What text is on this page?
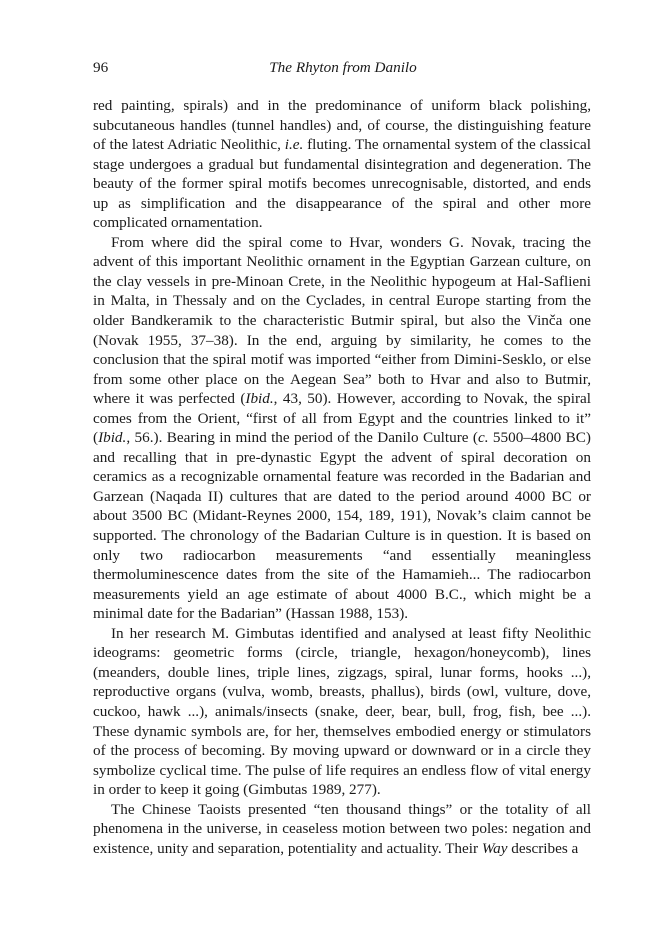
96	The Rhyton from Danilo

red painting, spirals) and in the predominance of uniform black polishing, subcutaneous handles (tunnel handles) and, of course, the distinguishing feature of the latest Adriatic Neolithic, i.e. fluting. The ornamental system of the classical stage undergoes a gradual but fundamental disintegration and degeneration. The beauty of the former spiral motifs becomes unrecognisable, distorted, and ends up as simplification and the disappearance of the spiral and other more complicated ornamentation.

From where did the spiral come to Hvar, wonders G. Novak, tracing the advent of this important Neolithic ornament in the Egyptian Garzean culture, on the clay vessels in pre-Minoan Crete, in the Neolithic hypogeum at Hal-Saflieni in Malta, in Thessaly and on the Cyclades, in central Europe starting from the older Bandkeramik to the characteristic Butmir spiral, but also the Vinča one (Novak 1955, 37–38). In the end, arguing by similarity, he comes to the conclusion that the spiral motif was imported “either from Dimini-Sesklo, or else from some other place on the Aegean Sea” both to Hvar and also to Butmir, where it was perfected (Ibid., 43, 50). However, according to Novak, the spiral comes from the Orient, “first of all from Egypt and the countries linked to it” (Ibid., 56.). Bearing in mind the period of the Danilo Culture (c. 5500–4800 BC) and recalling that in pre-dynastic Egypt the advent of spiral decoration on ceramics as a recognizable ornamental feature was recorded in the Badarian and Garzean (Naqada II) cultures that are dated to the period around 4000 BC or about 3500 BC (Midant-Reynes 2000, 154, 189, 191), Novak’s claim cannot be supported. The chronology of the Badarian Culture is in question. It is based on only two radiocarbon measurements “and essentially meaningless thermoluminescence dates from the site of the Hamamieh... The radiocarbon measurements yield an age estimate of about 4000 B.C., which might be a minimal date for the Badarian” (Hassan 1988, 153).

In her research M. Gimbutas identified and analysed at least fifty Neolithic ideograms: geometric forms (circle, triangle, hexagon/honeycomb), lines (meanders, double lines, triple lines, zigzags, spiral, lunar forms, hooks ...), reproductive organs (vulva, womb, breasts, phallus), birds (owl, vulture, dove, cuckoo, hawk ...), animals/insects (snake, deer, bear, bull, frog, fish, bee ...). These dynamic symbols are, for her, themselves embodied energy or stimulators of the process of becoming. By moving upward or downward or in a circle they symbolize cyclical time. The pulse of life requires an endless flow of vital energy in order to keep it going (Gimbutas 1989, 277).

The Chinese Taoists presented “ten thousand things” or the totality of all phenomena in the universe, in ceaseless motion between two poles: negation and existence, unity and separation, potentiality and actuality. Their Way describes a
